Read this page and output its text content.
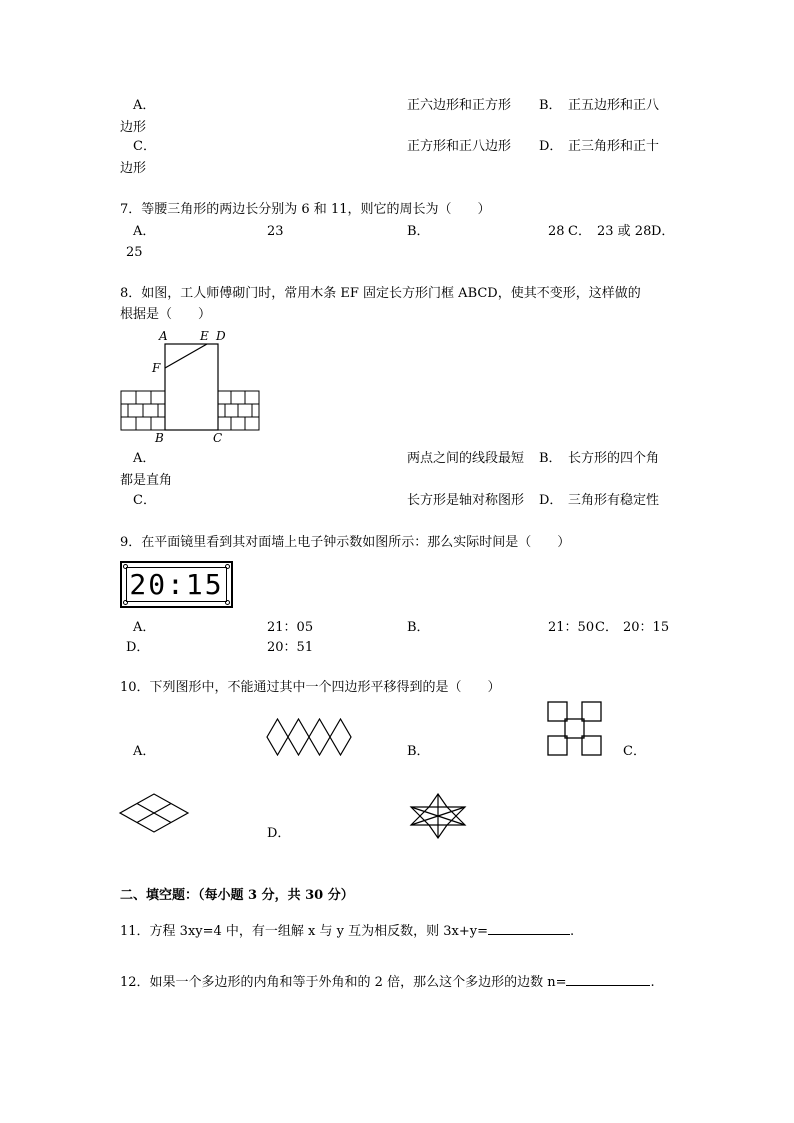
A．	正六边形和正方形 B． 正五边形和正八
边形
C．	正方形和正八边形 D． 正三角形和正十
边形
7．等腰三角形的两边长分别为 6 和 11，则它的周长为（　　）
A．	23	B．	28 C． 23 或 28 D．
25
8．如图，工人师傅砌门时，常用木条 EF 固定长方形门框 ABCD，使其不变形，这样做的
根据是（　　）
A	E D
F
B	C
A．	两点之间的线段最短 B． 长方形的四个角
都是直角
C．	长方形是轴对称图形 D． 三角形有稳定性
9．在平面镜里看到其对面墙上电子钟示数如图所示：那么实际时间是（　　）
20:15
A．	21：05	B．	21：50 C． 20：15
D．	20：51
10．下列图形中，不能通过其中一个四边形平移得到的是（　　）
A．	B．	C．
D．
二、填空题：（每小题 3 分，共 30 分）
11．方程 3xy=4 中，有一组解 x 与 y 互为相反数，则 3x+y=	.
12．如果一个多边形的内角和等于外角和的 2 倍，那么这个多边形的边数 n=	.
